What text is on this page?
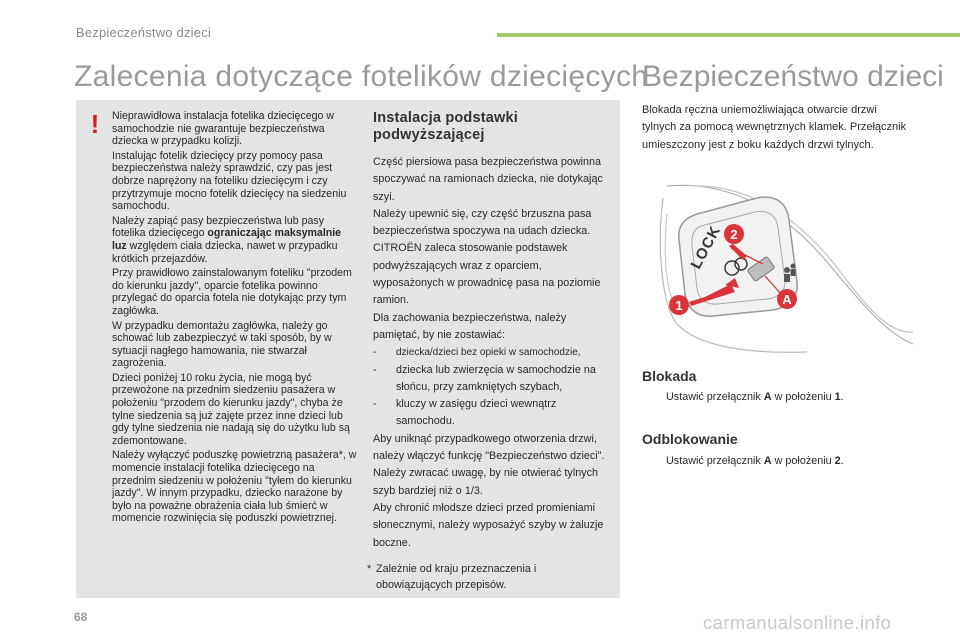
Bezpieczeństwo dzieci
Zalecenia dotyczące fotelików dziecięcych
Bezpieczeństwo dzieci
! Nieprawidłowa instalacja fotelika dziecięcego w samochodzie nie gwarantuje bezpieczeństwa dziecka w przypadku kolizji.

Instalując fotelik dziecięcy przy pomocy pasa bezpieczeństwa należy sprawdzić, czy pas jest dobrze naprężony na foteliku dziecięcym i czy przytrzymuje mocno fotelik dziecięcy na siedzeniu samochodu.

Należy zapiąć pasy bezpieczeństwa lub pasy fotelika dziecięcego ograniczając maksymalnie luz względem ciała dziecka, nawet w przypadku krótkich przejazdów.

Przy prawidłowo zainstalowanym foteliku "przodem do kierunku jazdy", oparcie fotelika powinno przylegać do oparcia fotela nie dotykając przy tym zagłówka.

W przypadku demontażu zagłówka, należy go schować lub zabezpieczyć w taki sposób, by w sytuacji nagłego hamowania, nie stwarzał zagrożenia.

Dzieci poniżej 10 roku życia, nie mogą być przewożone na przednim siedzeniu pasażera w położeniu "przodem do kierunku jazdy", chyba że tylne siedzenia są już zajęte przez inne dzieci lub gdy tylne siedzenia nie nadają się do użytku lub są zdemontowane.

Należy wyłączyć poduszkę powietrzną pasażera*, w momencie instalacji fotelika dziecięcego na przednim siedzeniu w położeniu "tyłem do kierunku jazdy". W innym przypadku, dziecko narażone by było na poważne obrażenia ciała lub śmierć w momencie rozwinięcia się poduszki powietrznej.

Instalacja podstawki podwyższającej

Część piersiowa pasa bezpieczeństwa powinna spoczywać na ramionach dziecka, nie dotykając szyi.

Należy upewnić się, czy część brzuszna pasa bezpieczeństwa spoczywa na udach dziecka.

CITROËN zaleca stosowanie podstawek podwyższających wraz z oparciem, wyposażonych w prowadnicę pasa na poziomie ramion.

Dla zachowania bezpieczeństwa, należy pamiętać, by nie zostawiać:

- dziecka/dzieci bez opieki w samochodzie,
- dziecka lub zwierzęcia w samochodzie na słońcu, przy zamkniętych szybach,
- kluczy w zasięgu dzieci wewnątrz samochodu.

Aby uniknąć przypadkowego otworzenia drzwi, należy włączyć funkcję "Bezpieczeństwo dzieci".

Należy zwracać uwagę, by nie otwierać tylnych szyb bardziej niż o 1/3.

Aby chronić młodsze dzieci przed promieniami słonecznymi, należy wyposażyć szyby w żaluzje boczne.

* Zależnie od kraju przeznaczenia i obowiązujących przepisów.
Blokada ręczna uniemożliwiająca otwarcie drzwi tylnych za pomocą wewnętrznych klamek. Przełącznik umieszczony jest z boku każdych drzwi tylnych.
LOCK 2
1	A
Blokada
Ustawić przełącznik A w położeniu 1.
Odblokowanie
Ustawić przełącznik A w położeniu 2.
68	carmanualsonline.info
